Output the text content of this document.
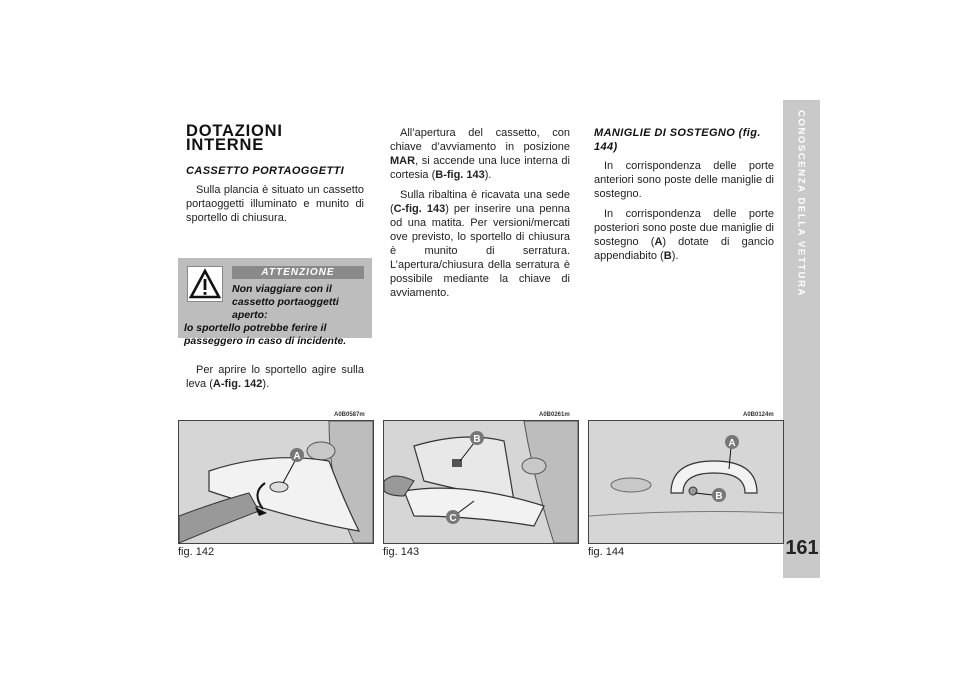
CONOSCENZA DELLA VETTURA
161
DOTAZIONI INTERNE
CASSETTO PORTAOGGETTI

Sulla plancia è situato un cassetto portaoggetti illuminato e munito di sportello di chiusura.

ATTENZIONE
Non viaggiare con il cassetto portaoggetti aperto:
lo sportello potrebbe ferire il passeggero in caso di incidente.

Per aprire lo sportello agire sulla leva (A-fig. 142).

All’apertura del cassetto, con chiave d’avviamento in posizione MAR, si accende una luce interna di cortesia (B-fig. 143).

Sulla ribaltina è ricavata una sede (C-fig. 143) per inserire una penna od una matita. Per versioni/mercati ove previsto, lo sportello di chiusura è munito di serratura. L’apertura/chiusura della serratura è possibile mediante la chiave di avviamento.

MANIGLIE DI SOSTEGNO (fig. 144)

In corrispondenza delle porte anteriori sono poste delle maniglie di sostegno.

In corrispondenza delle porte posteriori sono poste due maniglie di sostegno (A) dotate di gancio appendiabito (B).

A0B0587m
A
fig. 142
A0B0261m
B
C
fig. 143
A0B0124m
A
B
fig. 144
